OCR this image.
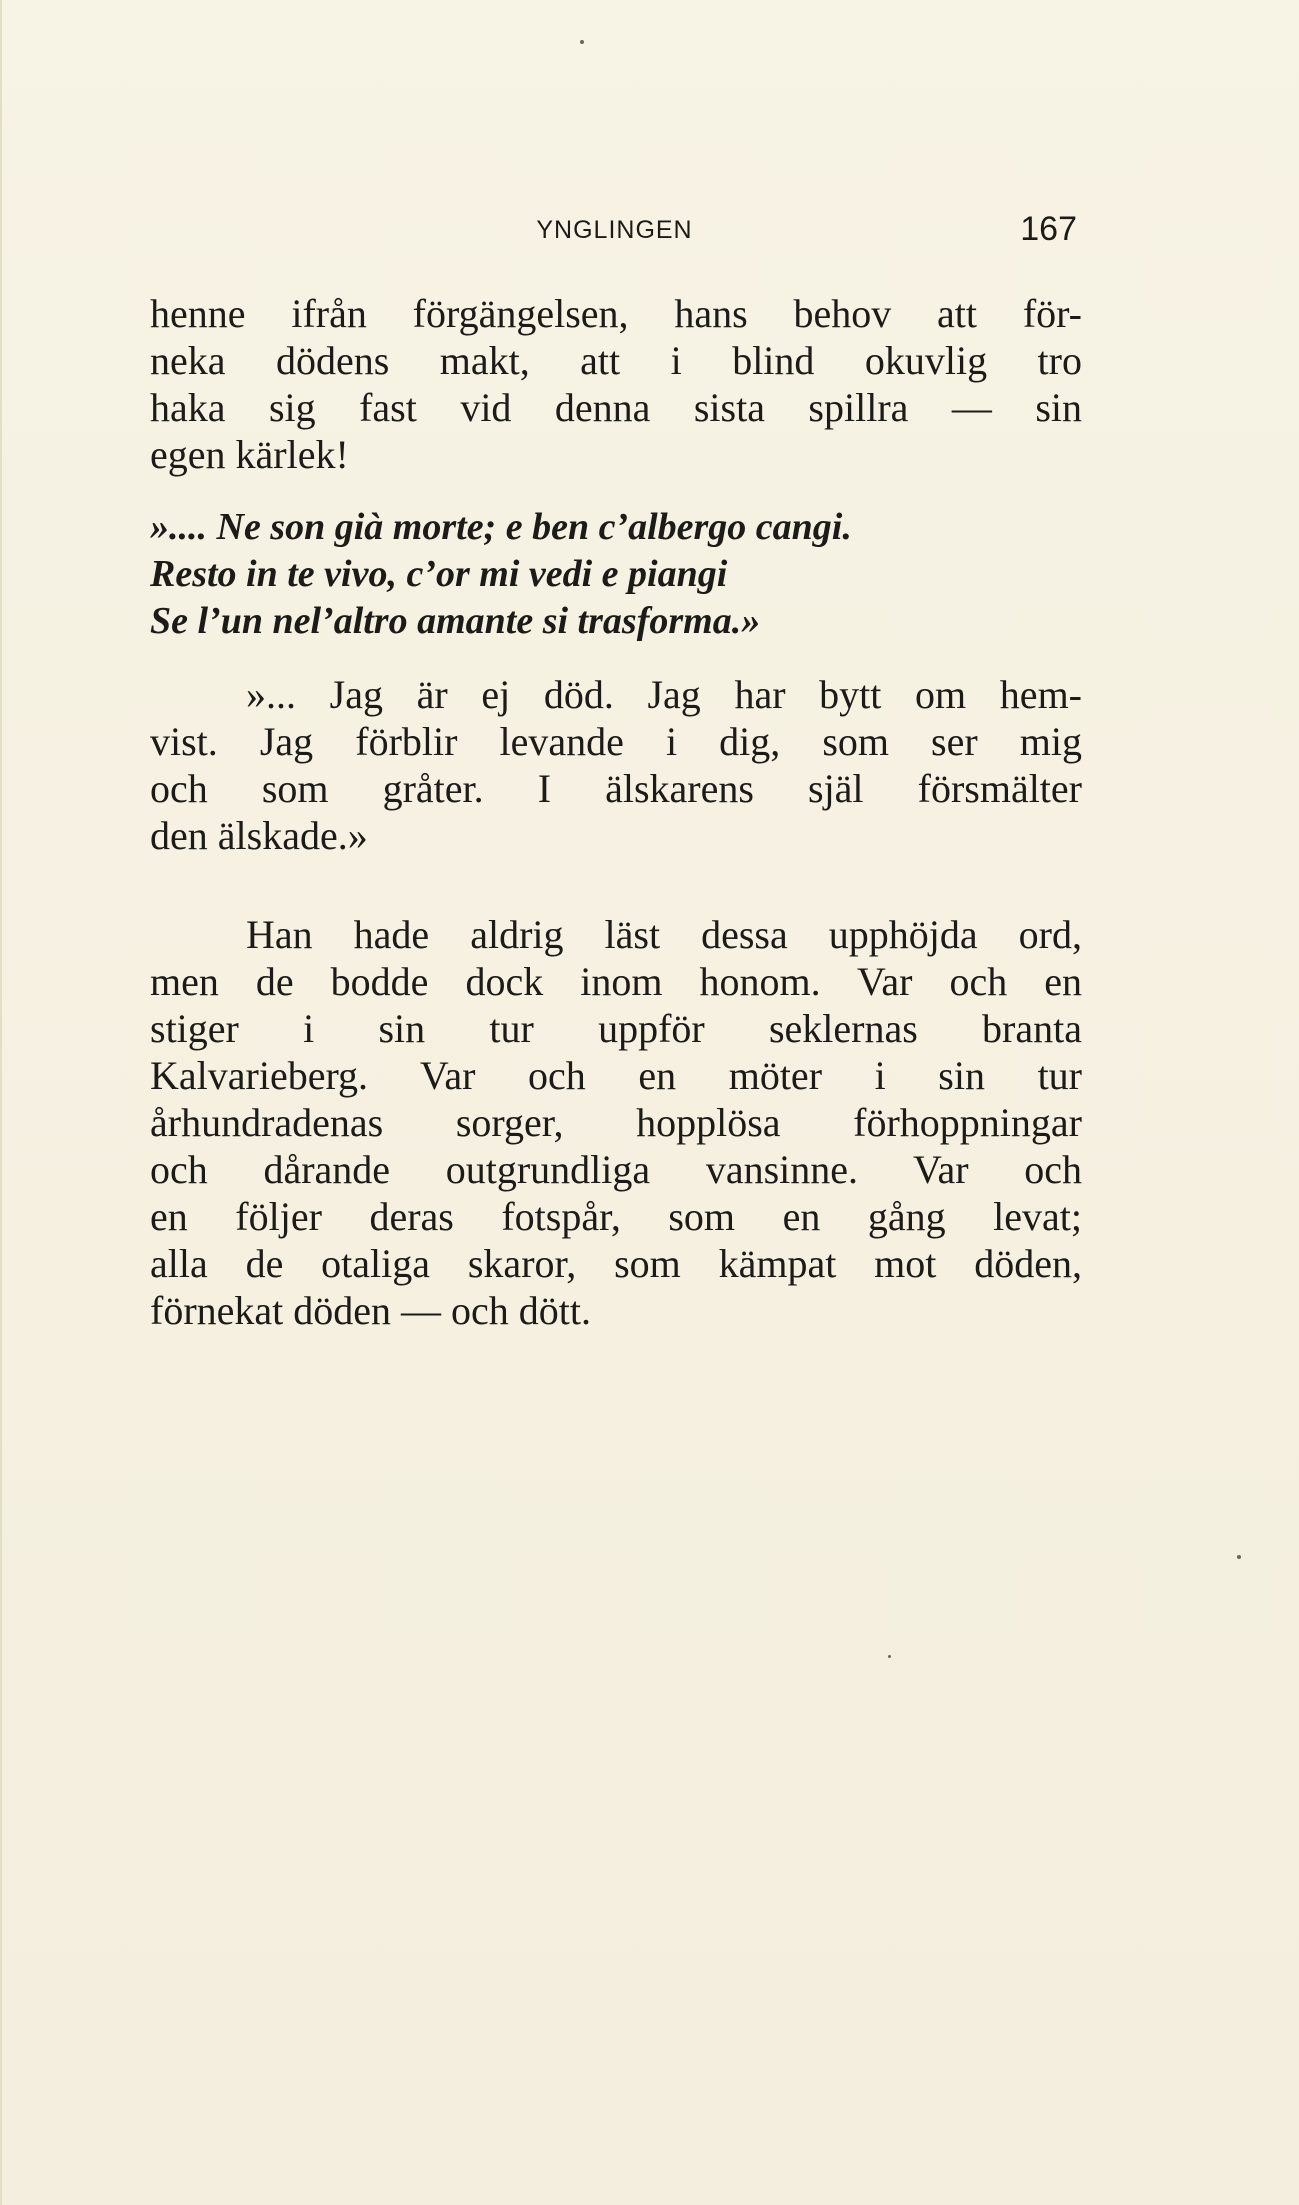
YNGLINGEN	167
henne ifrån förgängelsen, hans behov att för-
neka dödens makt, att i blind okuvlig tro
haka sig fast vid denna sista spillra — sin
egen kärlek!
».... Ne son già morte; e ben c’albergo cangi.
Resto in te vivo, c’or mi vedi e piangi
Se l’un nel’altro amante si trasforma.»
»... Jag är ej död. Jag har bytt om hem-
vist. Jag förblir levande i dig, som ser mig
och som gråter. I älskarens själ försmälter
den älskade.»
Han hade aldrig läst dessa upphöjda ord,
men de bodde dock inom honom. Var och en
stiger i sin tur uppför seklernas branta
Kalvarieberg. Var och en möter i sin tur
århundradenas sorger, hopplösa förhoppningar
och dårande outgrundliga vansinne. Var och
en följer deras fotspår, som en gång levat;
alla de otaliga skaror, som kämpat mot döden,
förnekat döden — och dött.
